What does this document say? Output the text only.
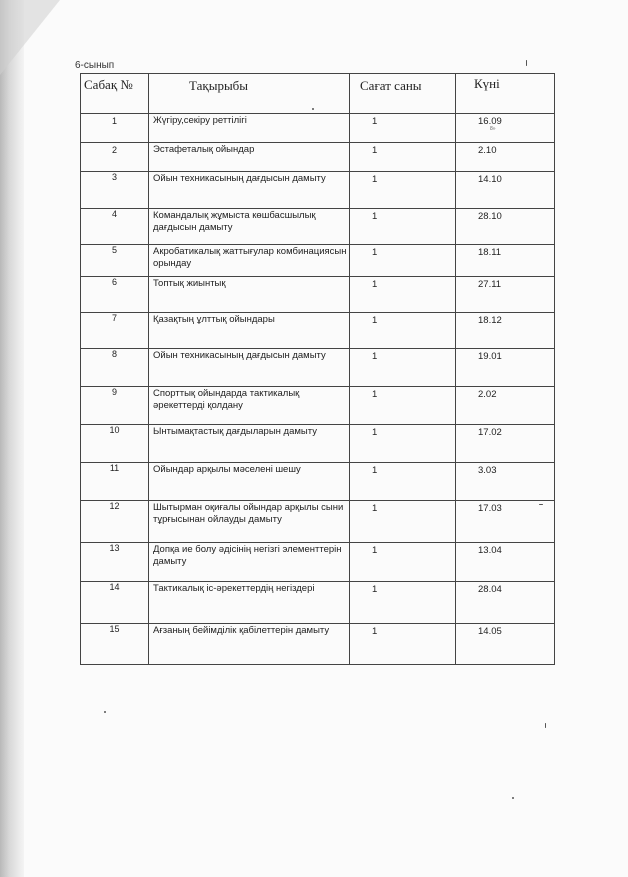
6-сынып
Сабақ №	Тақырыбы	Сағат саны	Күні
1	Жүгіру,секіру реттілігі	1	16.09
8»

2	Эстафеталық ойындар	1	2.10
3	Ойын техникасының дағдысын дамыту	1	14.10
4	Командалық жұмыста көшбасшылық дағдысын дамыту	1	28.10
5	Акробатикалық жаттығулар комбинациясын орындау	1	18.11
6	Топтық жиынтық	1	27.11
7	Қазақтың ұлттық ойындары	1	18.12
8	Ойын техникасының дағдысын дамыту	1	19.01
9	Спорттық ойындарда тактикалық әрекеттерді қолдану	1	2.02
10	Ынтымақтастық дағдыларын дамыту	1	17.02
11	Ойындар арқылы мәселені шешу	1	3.03
12	Шытырман оқиғалы ойындар арқылы сыни тұрғысынан ойлауды дамыту	1	17.03
13	Допқа ие болу әдісінің негізгі элементтерін дамыту	1	13.04
14	Тактикалық іс-әрекеттердің негіздері	1	28.04
15	Ағзаның бейімділік қабілеттерін дамыту	1	14.05
